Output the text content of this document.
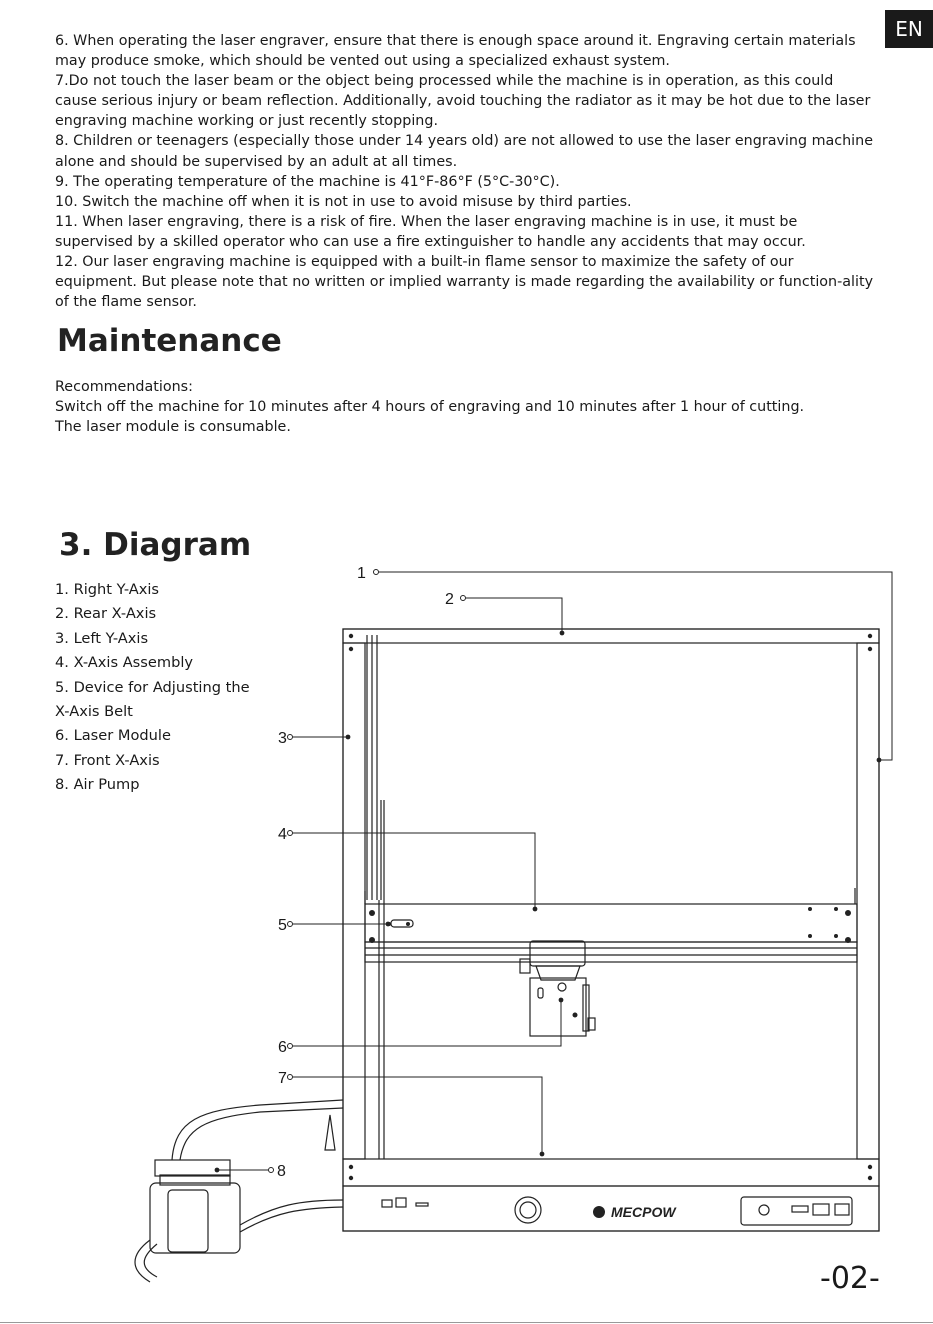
EN

6. When operating the laser engraver, ensure that there is enough space around it. Engraving certain materials may produce smoke, which should be vented out using a specialized exhaust system.

7.Do not touch the laser beam or the object being processed while the machine is in operation, as this could cause serious injury or beam reflection. Additionally, avoid touching the radiator as it may be hot due to the laser engraving machine working or just recently stopping.

8. Children or teenagers (especially those under 14 years old) are not allowed to use the laser engraving machine alone and should be supervised by an adult at all times.

9. The operating temperature of the machine is 41°F-86°F (5°C-30°C).

10. Switch the machine off when it is not in use to avoid misuse by third parties.

11. When laser engraving, there is a risk of fire. When the laser engraving machine is in use, it must be supervised by a skilled operator who can use a fire extinguisher to handle any accidents that may occur.

12. Our laser engraving machine is equipped with a built-in flame sensor to maximize the safety of our equipment. But please note that no written or implied warranty is made regarding the availability or function-ality of the flame sensor.

Maintenance

Recommendations:

Switch off the machine for 10 minutes after 4 hours of engraving and 10 minutes after 1 hour of cutting.

The laser module is consumable.

3. Diagram
1. Right Y-Axis
2. Rear X-Axis
3. Left Y-Axis
4. X-Axis Assembly
5. Device for Adjusting the
X-Axis Belt
6. Laser Module
7. Front X-Axis
8. Air Pump
1
2
3
4
5
6
7
8
MECPOW
-02-
